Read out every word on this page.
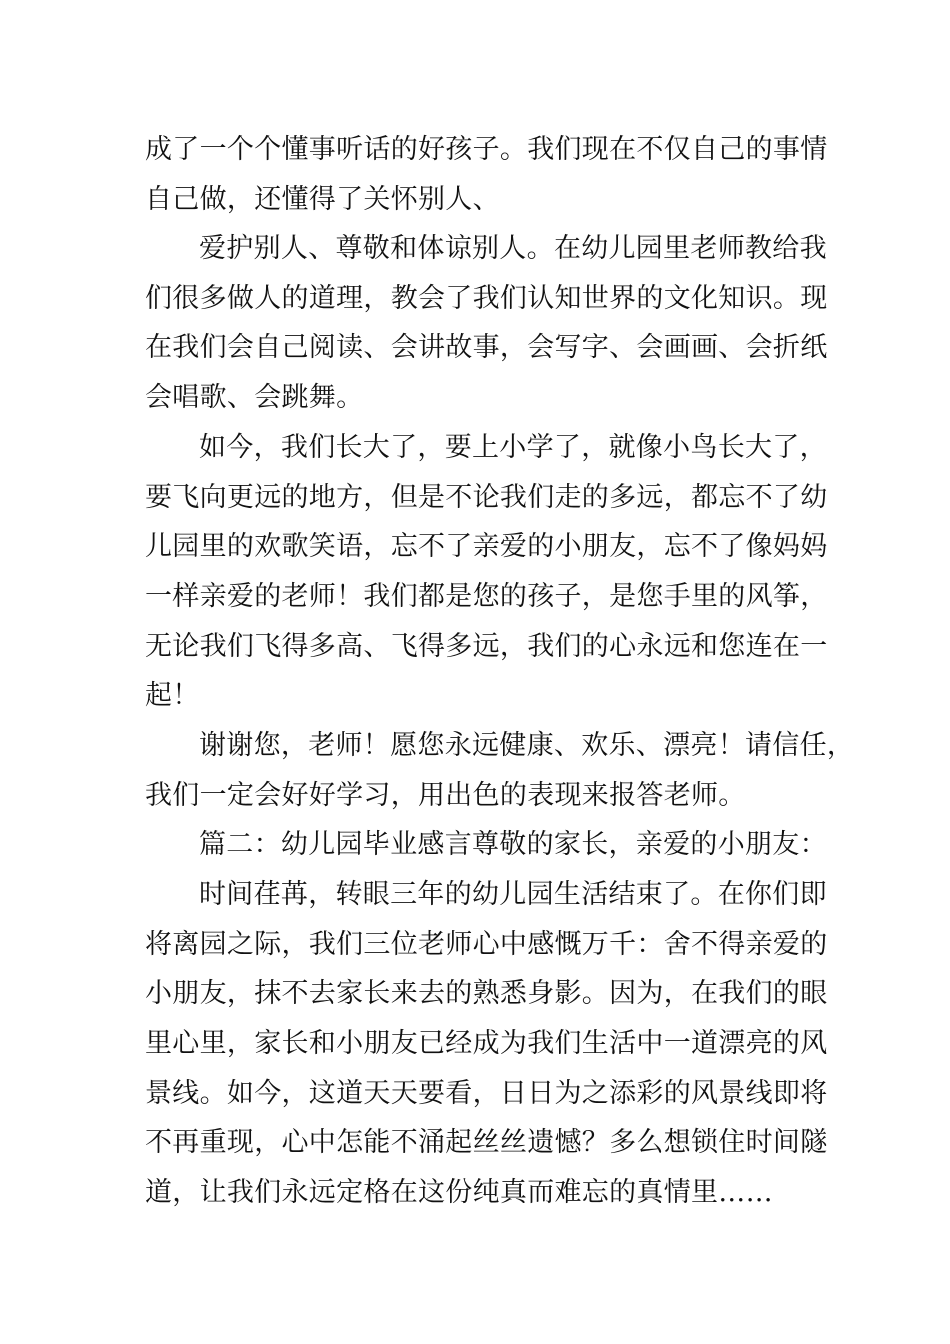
成了一个个懂事听话的好孩子。我们现在不仅自己的事情
自己做，还懂得了关怀别人、
爱护别人、尊敬和体谅别人。在幼儿园里老师教给我
们很多做人的道理，教会了我们认知世界的文化知识。现
在我们会自己阅读、会讲故事，会写字、会画画、会折纸
会唱歌、会跳舞。
如今，我们长大了，要上小学了，就像小鸟长大了，
要飞向更远的地方，但是不论我们走的多远，都忘不了幼
儿园里的欢歌笑语，忘不了亲爱的小朋友，忘不了像妈妈
一样亲爱的老师！我们都是您的孩子，是您手里的风筝，
无论我们飞得多高、飞得多远，我们的心永远和您连在一
起！
谢谢您，老师！愿您永远健康、欢乐、漂亮！请信任，
我们一定会好好学习，用出色的表现来报答老师。
篇二：幼儿园毕业感言尊敬的家长，亲爱的小朋友：
时间荏苒，转眼三年的幼儿园生活结束了。在你们即
将离园之际，我们三位老师心中感慨万千：舍不得亲爱的
小朋友，抹不去家长来去的熟悉身影。因为，在我们的眼
里心里，家长和小朋友已经成为我们生活中一道漂亮的风
景线。如今，这道天天要看，日日为之添彩的风景线即将
不再重现，心中怎能不涌起丝丝遗憾？多么想锁住时间隧
道，让我们永远定格在这份纯真而难忘的真情里……
